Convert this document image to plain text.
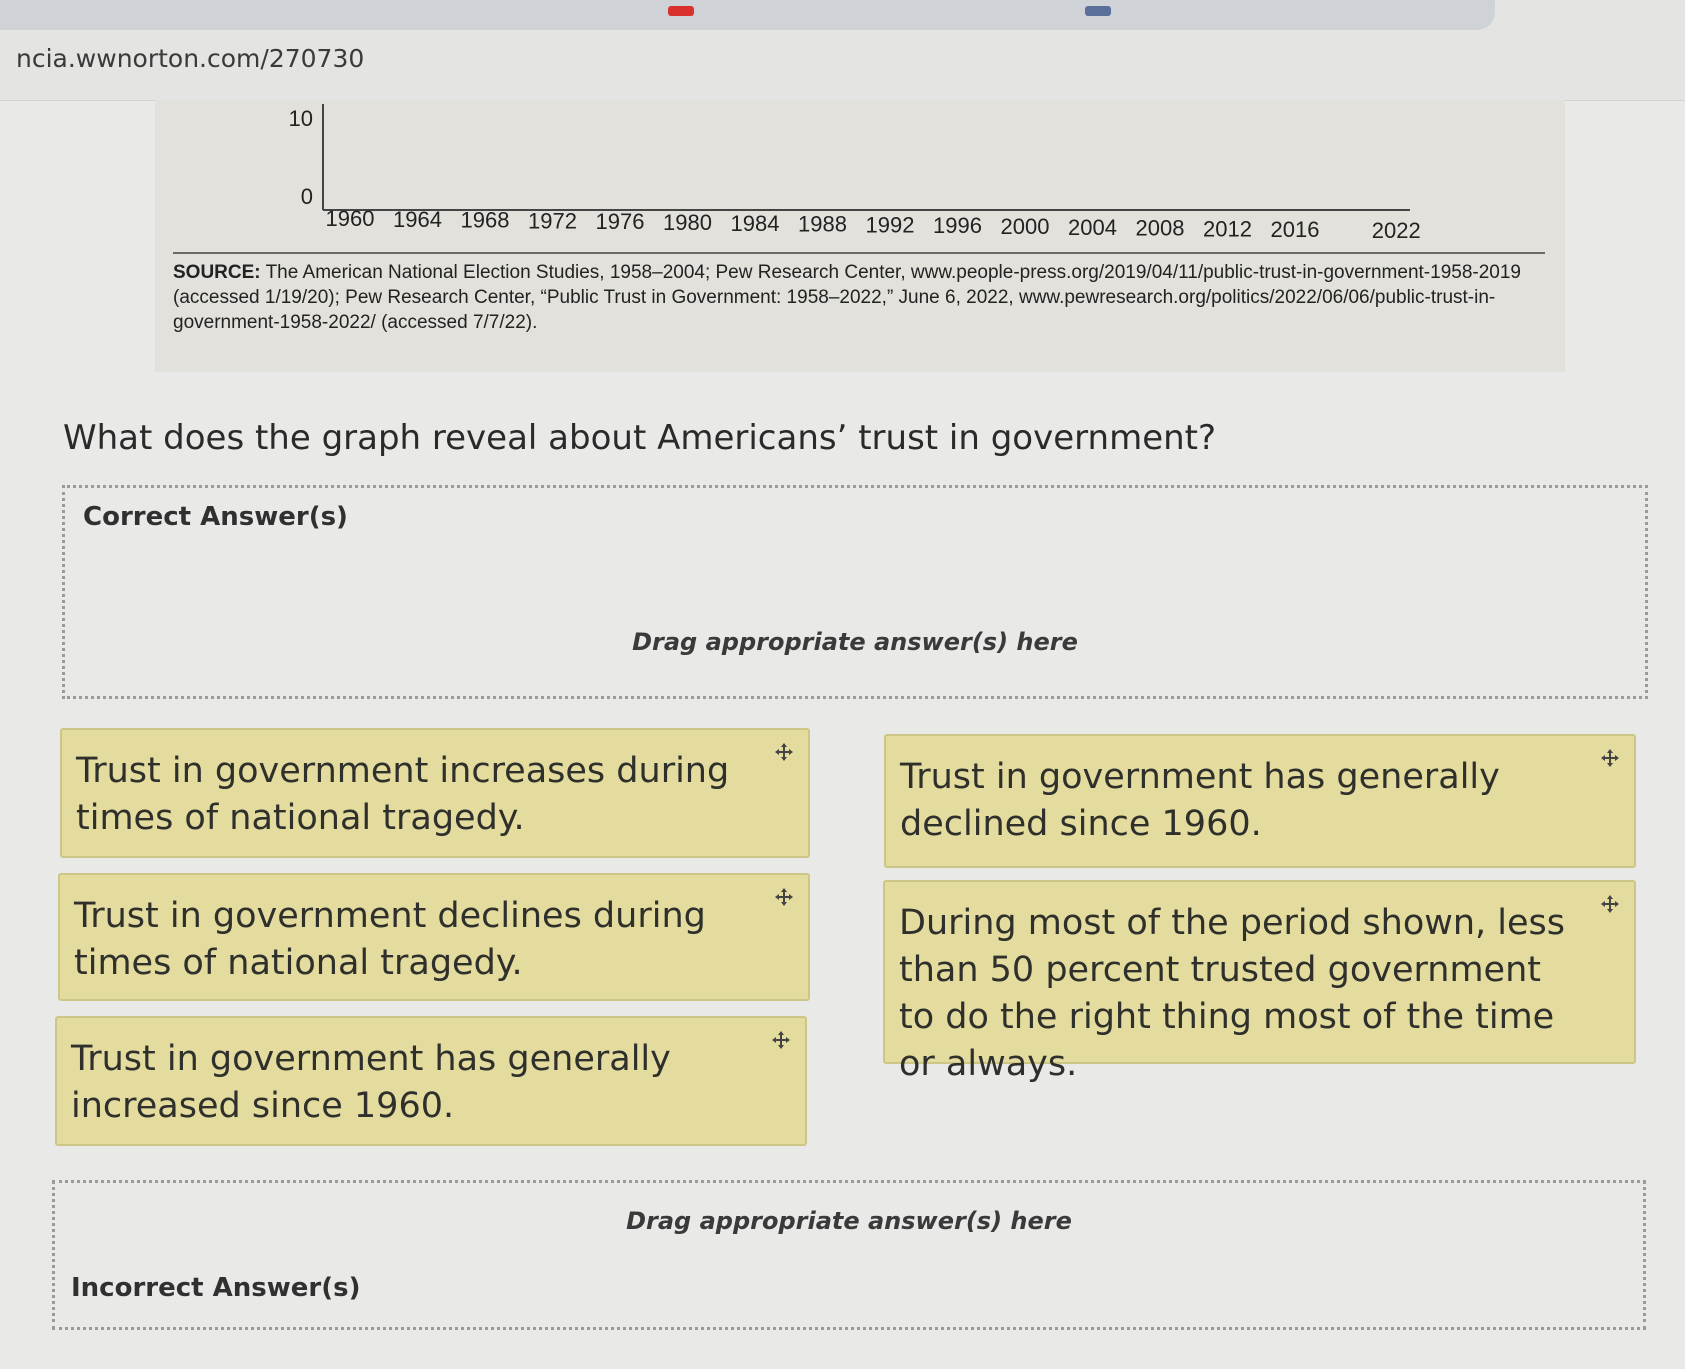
ncia.wwnorton.com/270730
10
0
1960 1964 1968 1972 1976 1980 1984 1988 1992 1996 2000 2004 2008 2012 2016 2022
SOURCE: The American National Election Studies, 1958–2004; Pew Research Center, www.people-press.org/2019/04/11/public-trust-in-government-1958-2019 (accessed 1/19/20); Pew Research Center, “Public Trust in Government: 1958–2022,” June 6, 2022, www.pewresearch.org/politics/2022/06/06/public-trust-in-government-1958-2022/ (accessed 7/7/22).
What does the graph reveal about Americans’ trust in government?
Correct Answer(s)
Drag appropriate answer(s) here
Trust in government increases during times of national tragedy.
Trust in government has generally declined since 1960.
Trust in government declines during times of national tragedy.
During most of the period shown, less than 50 percent trusted government to do the right thing most of the time or always.
Trust in government has generally increased since 1960.
Drag appropriate answer(s) here
Incorrect Answer(s)
